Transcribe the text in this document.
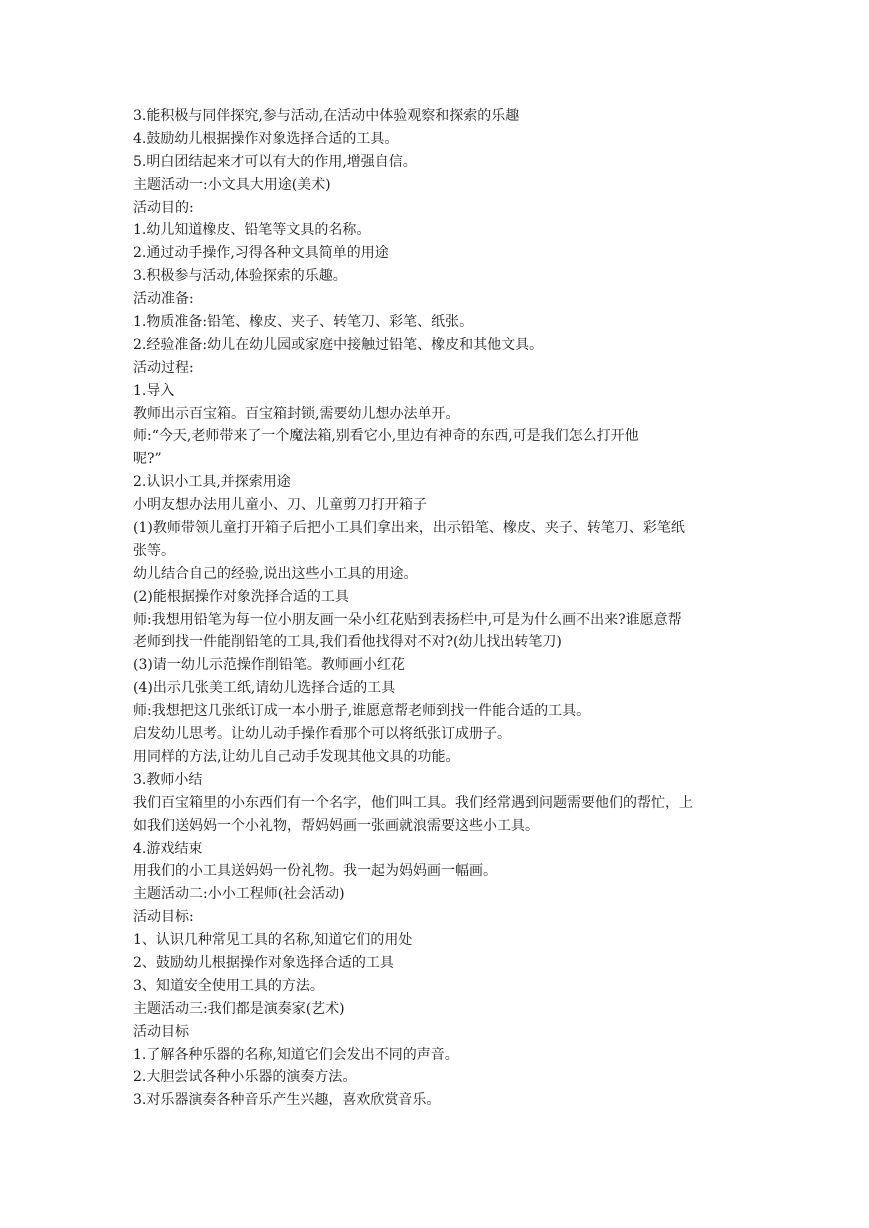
3.能积极与同伴探究,参与活动,在活动中体验观察和探索的乐趣
4.鼓励幼儿根据操作对象选择合适的工具。
5.明白团结起来才可以有大的作用,增强自信。
主题活动一:小文具大用途(美术)
活动目的:
1.幼儿知道橡皮、铅笔等文具的名称。
2.通过动手操作,习得各种文具简单的用途
3.积极参与活动,体验探索的乐趣。
活动准备:
1.物质准备:铅笔、橡皮、夹子、转笔刀、彩笔、纸张。
2.经验准备:幼儿在幼儿园或家庭中接触过铅笔、橡皮和其他文具。
活动过程:
1.导入
教师出示百宝箱。百宝箱封锁,需要幼儿想办法单开。
师:“今天,老师带来了一个魔法箱,别看它小,里边有神奇的东西,可是我们怎么打开他
呢?”
2.认识小工具,并探索用途
小明友想办法用儿童小、刀、儿童剪刀打开箱子
(1)教师带领儿童打开箱子后把小工具们拿出来，出示铅笔、橡皮、夹子、转笔刀、彩笔纸
张等。
幼儿结合自己的经验,说出这些小工具的用途。
(2)能根据操作对象洗择合适的工具
师:我想用铅笔为每一位小朋友画一朵小红花贴到表扬栏中,可是为什么画不出来?谁愿意帮
老师到找一件能削铅笔的工具,我们看他找得对不对?(幼儿找出转笔刀)
(3)请一幼儿示范操作削铅笔。教师画小红花
(4)出示几张美工纸,请幼儿选择合适的工具
师:我想把这几张纸订成一本小册子,谁愿意帮老师到找一件能合适的工具。
启发幼儿思考。让幼儿动手操作看那个可以将纸张订成册子。
用同样的方法,让幼儿自己动手发现其他文具的功能。
3.教师小结
我们百宝箱里的小东西们有一个名字，他们叫工具。我们经常遇到问题需要他们的帮忙，上
如我们送妈妈一个小礼物，帮妈妈画一张画就浪需要这些小工具。
4.游戏结束
用我们的小工具送妈妈一份礼物。我一起为妈妈画一幅画。
主题活动二:小小工程师(社会活动)
活动目标:
1、认识几种常见工具的名称,知道它们的用处
2、鼓励幼儿根据操作对象选择合适的工具
3、知道安全使用工具的方法。
主题活动三:我们都是演奏家(艺术)
活动目标
1.了解各种乐器的名称,知道它们会发出不同的声音。
2.大胆尝试各种小乐器的演奏方法。
3.对乐器演奏各种音乐产生兴趣，喜欢欣赏音乐。
